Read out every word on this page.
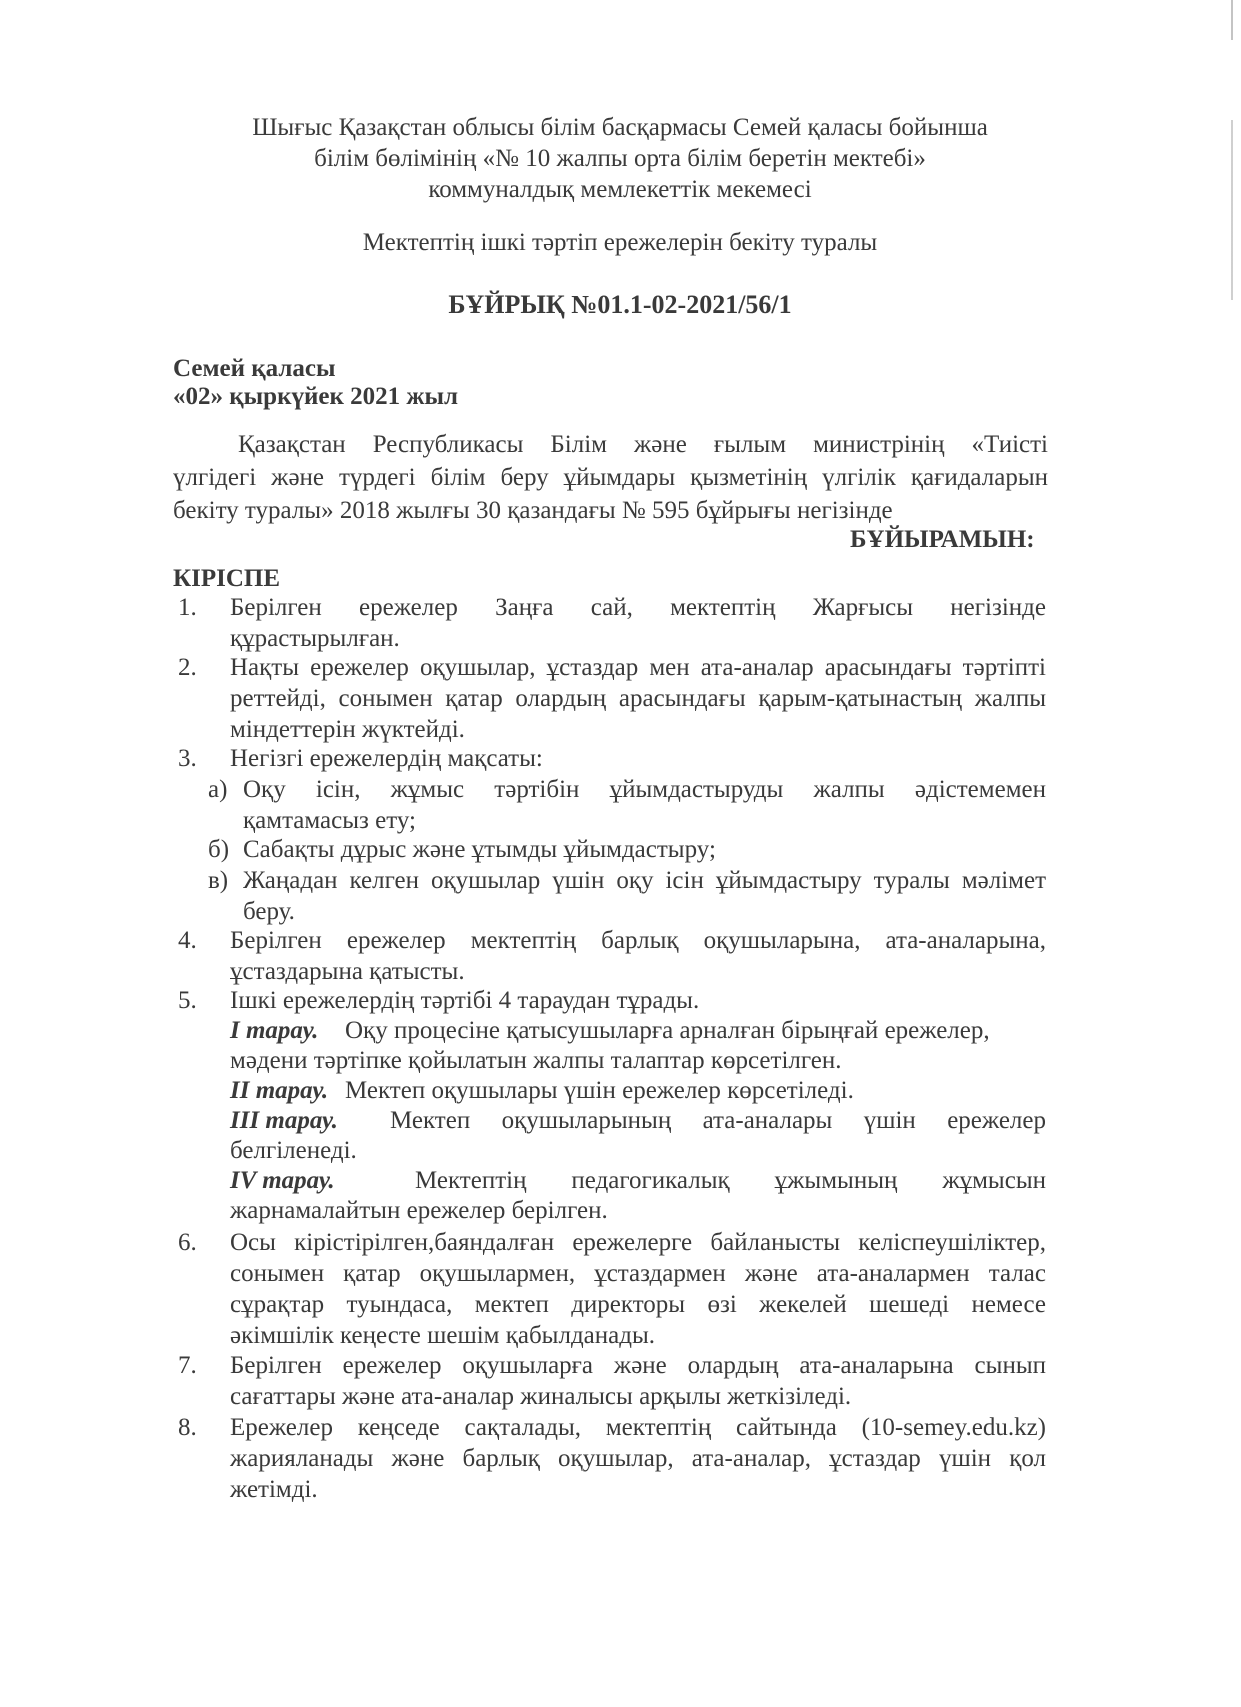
Шығыс Қазақстан облысы білім басқармасы Семей қаласы бойынша
білім бөлімінің «№ 10 жалпы орта білім беретін мектебі»
коммуналдық мемлекеттік мекемесі
Мектептің ішкі тәртіп ережелерін бекіту туралы
БҰЙРЫҚ №01.1-02-2021/56/1
Семей қаласы
«02» қыркүйек 2021 жыл
Қазақстан Республикасы Білім және ғылым министрінің «Тиісті
үлгідегі және түрдегі білім беру ұйымдары қызметінің үлгілік қағидаларын
бекіту туралы» 2018 жылғы 30 қазандағы № 595 бұйрығы негізінде
БҰЙЫРАМЫН:
КІРІСПЕ
1. Берілген ережелер Заңға сай, мектептің Жарғысы негізінде
құрастырылған.
2. Нақты ережелер оқушылар, ұстаздар мен ата-аналар арасындағы тәртіпті
реттейді, сонымен қатар олардың арасындағы қарым-қатынастың жалпы
міндеттерін жүктейді.
3. Негізгі ережелердің мақсаты:
а) Оқу ісін, жұмыс тәртібін ұйымдастыруды жалпы әдістемемен
қамтамасыз ету;
б) Сабақты дұрыс және ұтымды ұйымдастыру;
в) Жаңадан келген оқушылар үшін оқу ісін ұйымдастыру туралы мәлімет
беру.
4. Берілген ережелер мектептің барлық оқушыларына, ата-аналарына,
ұстаздарына қатысты.
5. Ішкі ережелердің тәртібі 4 тараудан тұрады.
I тарау. Оқу процесіне қатысушыларға арналған бірыңғай ережелер,
мәдени тәртіпке қойылатын жалпы талаптар көрсетілген.
II тарау. Мектеп оқушылары үшін ережелер көрсетіледі.
III тарау. Мектеп оқушыларының ата-аналары үшін ережелер
белгіленеді.
IV тарау.	Мектептің педагогикалық ұжымының жұмысын
жарнамалайтын ережелер берілген.
6. Осы кірістірілген,баяндалған ережелерге байланысты келіспеушіліктер,
сонымен қатар оқушылармен, ұстаздармен және ата-аналармен талас
сұрақтар туындаса, мектеп директоры өзі жекелей шешеді немесе
әкімшілік кеңесте шешім қабылданады.
7. Берілген ережелер оқушыларға және олардың ата-аналарына сынып
сағаттары және ата-аналар жиналысы арқылы жеткізіледі.
8. Ережелер кеңседе сақталады, мектептің сайтында (10-semey.edu.kz)
жарияланады және барлық оқушылар, ата-аналар, ұстаздар үшін қол
жетімді.
